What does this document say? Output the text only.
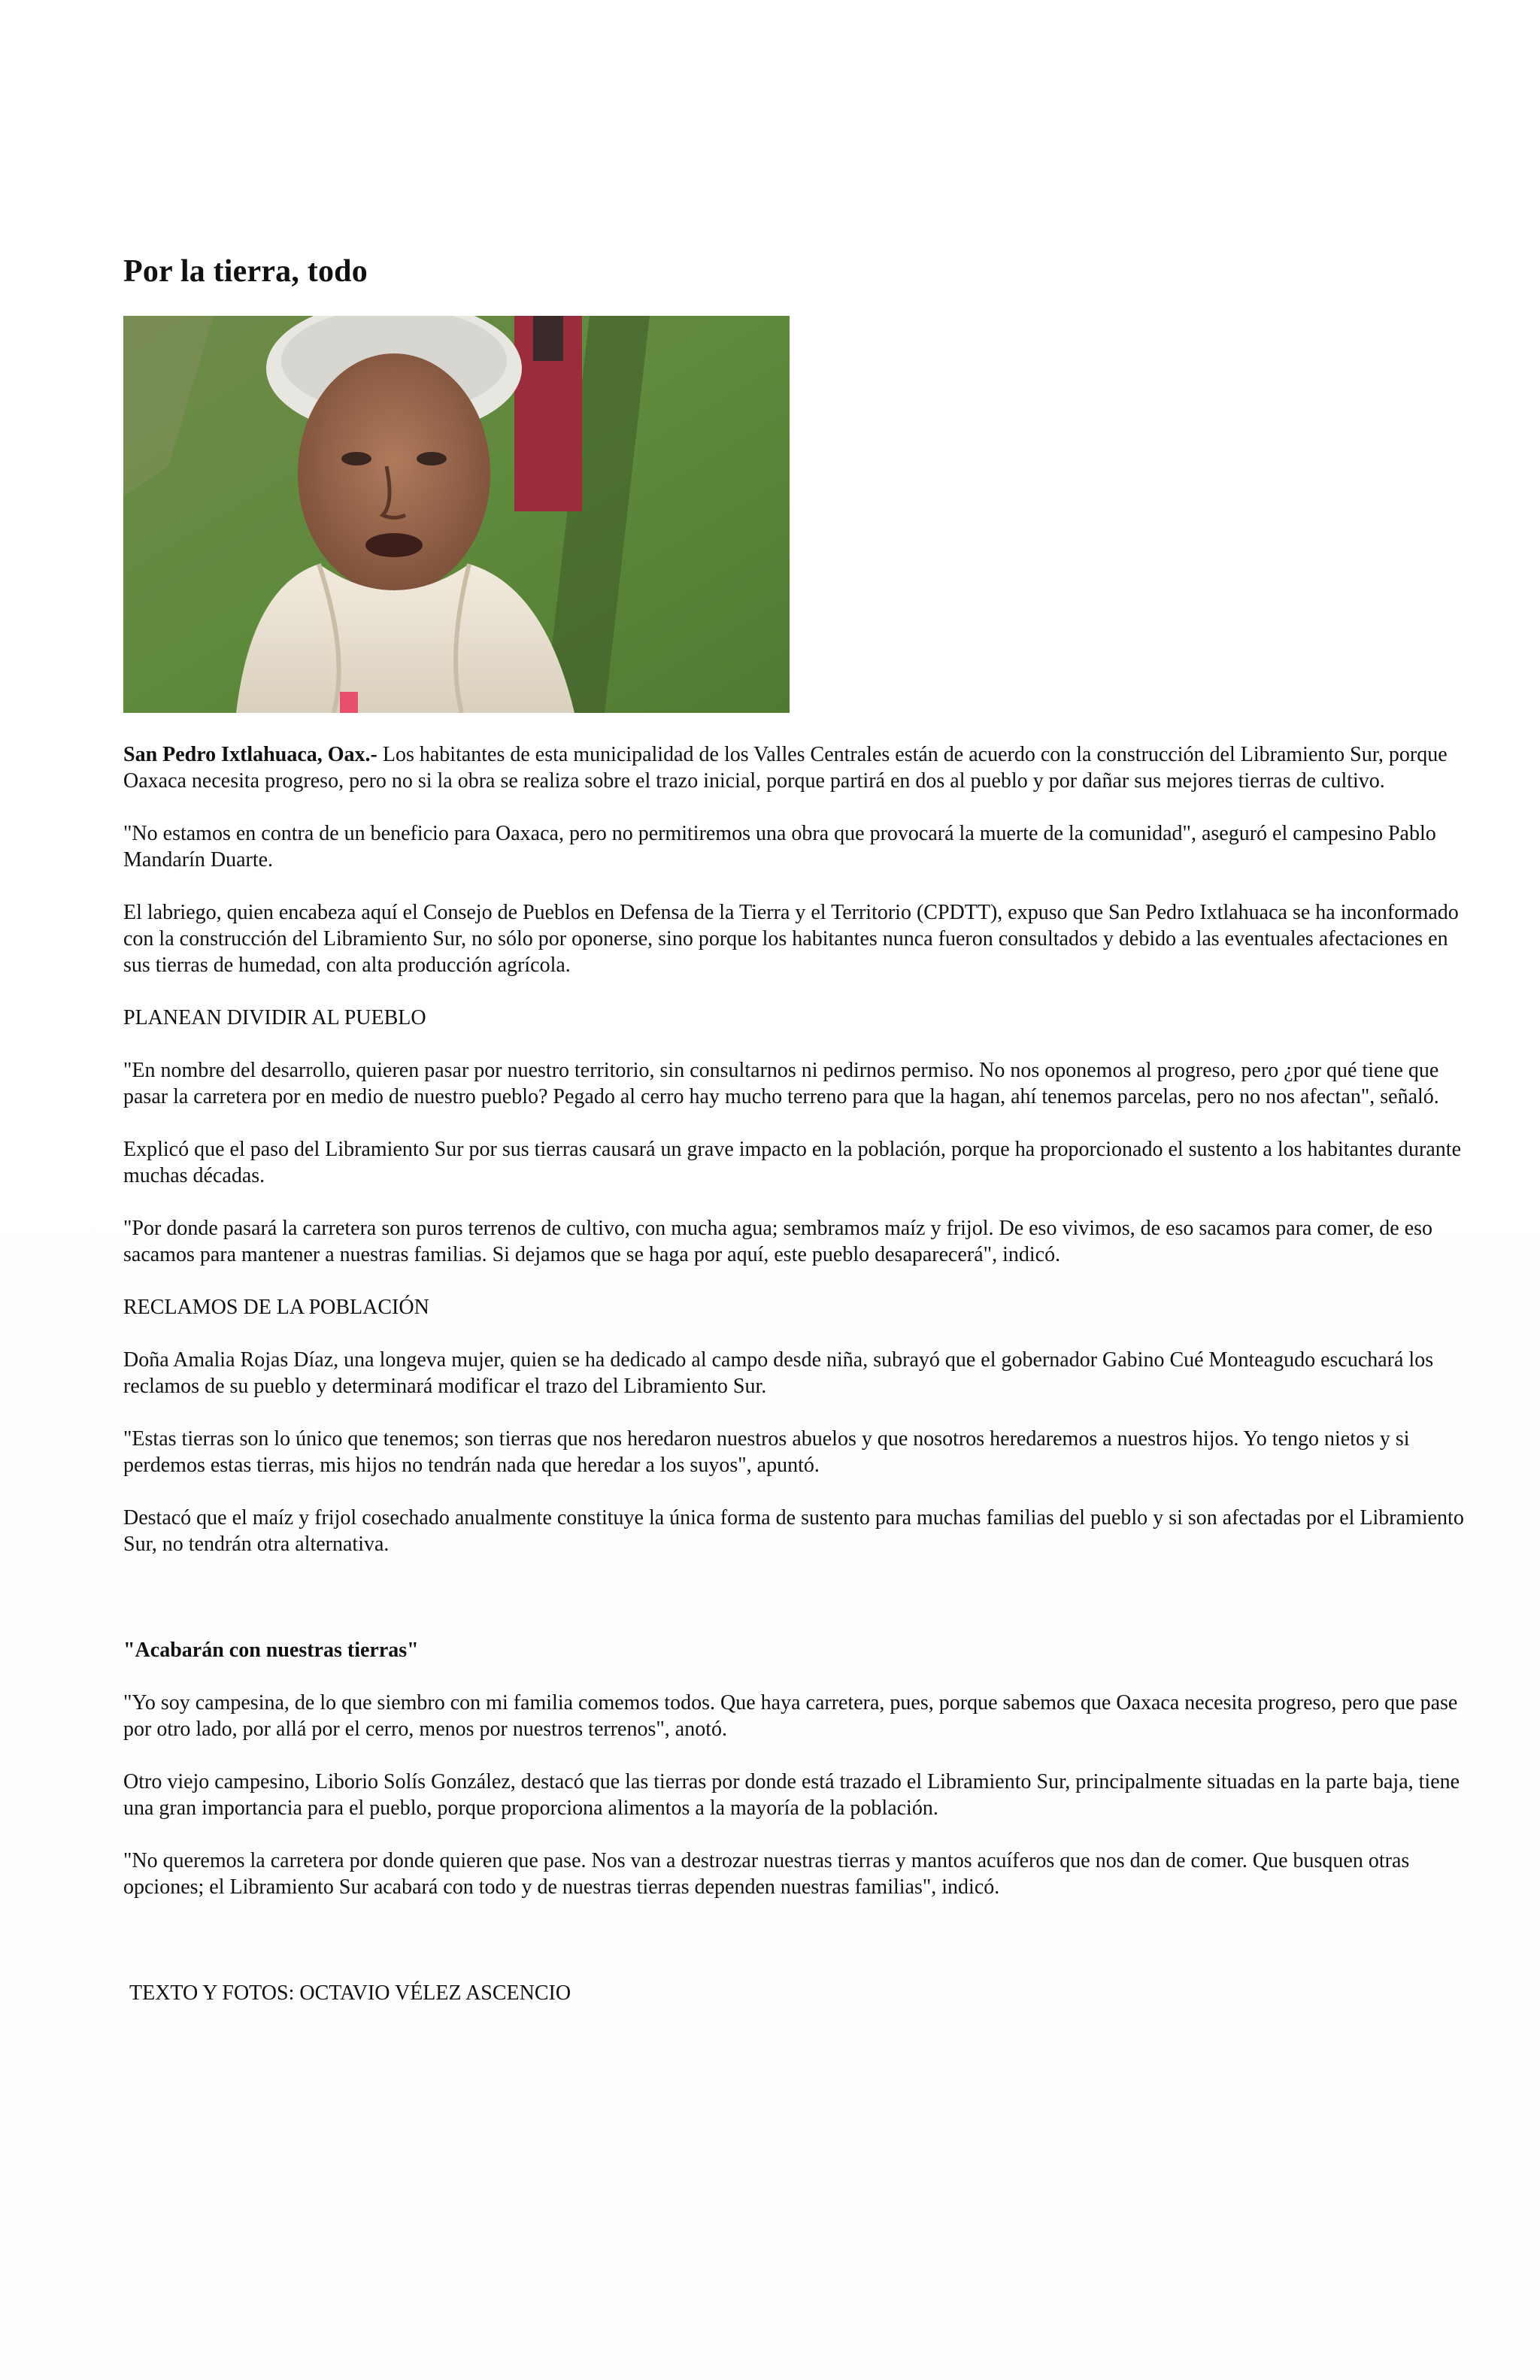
Por la tierra, todo

San Pedro Ixtlahuaca, Oax.- Los habitantes de esta municipalidad de los Valles Centrales están de acuerdo con la construcción del Libramiento Sur, porque Oaxaca necesita progreso, pero no si la obra se realiza sobre el trazo inicial, porque partirá en dos al pueblo y por dañar sus mejores tierras de cultivo.

"No estamos en contra de un beneficio para Oaxaca, pero no permitiremos una obra que provocará la muerte de la comunidad", aseguró el campesino Pablo Mandarín Duarte.

El labriego, quien encabeza aquí el Consejo de Pueblos en Defensa de la Tierra y el Territorio (CPDTT), expuso que San Pedro Ixtlahuaca se ha inconformado con la construcción del Libramiento Sur, no sólo por oponerse, sino porque los habitantes nunca fueron consultados y debido a las eventuales afectaciones en sus tierras de humedad, con alta producción agrícola.

PLANEAN DIVIDIR AL PUEBLO

"En nombre del desarrollo, quieren pasar por nuestro territorio, sin consultarnos ni pedirnos permiso. No nos oponemos al progreso, pero ¿por qué tiene que pasar la carretera por en medio de nuestro pueblo? Pegado al cerro hay mucho terreno para que la hagan, ahí tenemos parcelas, pero no nos afectan", señaló.

Explicó que el paso del Libramiento Sur por sus tierras causará un grave impacto en la población, porque ha proporcionado el sustento a los habitantes durante muchas décadas.

"Por donde pasará la carretera son puros terrenos de cultivo, con mucha agua; sembramos maíz y frijol. De eso vivimos, de eso sacamos para comer, de eso sacamos para mantener a nuestras familias. Si dejamos que se haga por aquí, este pueblo desaparecerá", indicó.

RECLAMOS DE LA POBLACIÓN

Doña Amalia Rojas Díaz, una longeva mujer, quien se ha dedicado al campo desde niña, subrayó que el gobernador Gabino Cué Monteagudo escuchará los reclamos de su pueblo y determinará modificar el trazo del Libramiento Sur.

"Estas tierras son lo único que tenemos; son tierras que nos heredaron nuestros abuelos y que nosotros heredaremos a nuestros hijos. Yo tengo nietos y si perdemos estas tierras, mis hijos no tendrán nada que heredar a los suyos", apuntó.

Destacó que el maíz y frijol cosechado anualmente constituye la única forma de sustento para muchas familias del pueblo y si son afectadas por el Libramiento Sur, no tendrán otra alternativa.

"Acabarán con nuestras tierras"

"Yo soy campesina, de lo que siembro con mi familia comemos todos. Que haya carretera, pues, porque sabemos que Oaxaca necesita progreso, pero que pase por otro lado, por allá por el cerro, menos por nuestros terrenos", anotó.

Otro viejo campesino, Liborio Solís González, destacó que las tierras por donde está trazado el Libramiento Sur, principalmente situadas en la parte baja, tiene una gran importancia para el pueblo, porque proporciona alimentos a la mayoría de la población.

"No queremos la carretera por donde quieren que pase. Nos van a destrozar nuestras tierras y mantos acuíferos que nos dan de comer. Que busquen otras opciones; el Libramiento Sur acabará con todo y de nuestras tierras dependen nuestras familias", indicó.

TEXTO Y FOTOS: OCTAVIO VÉLEZ ASCENCIO
